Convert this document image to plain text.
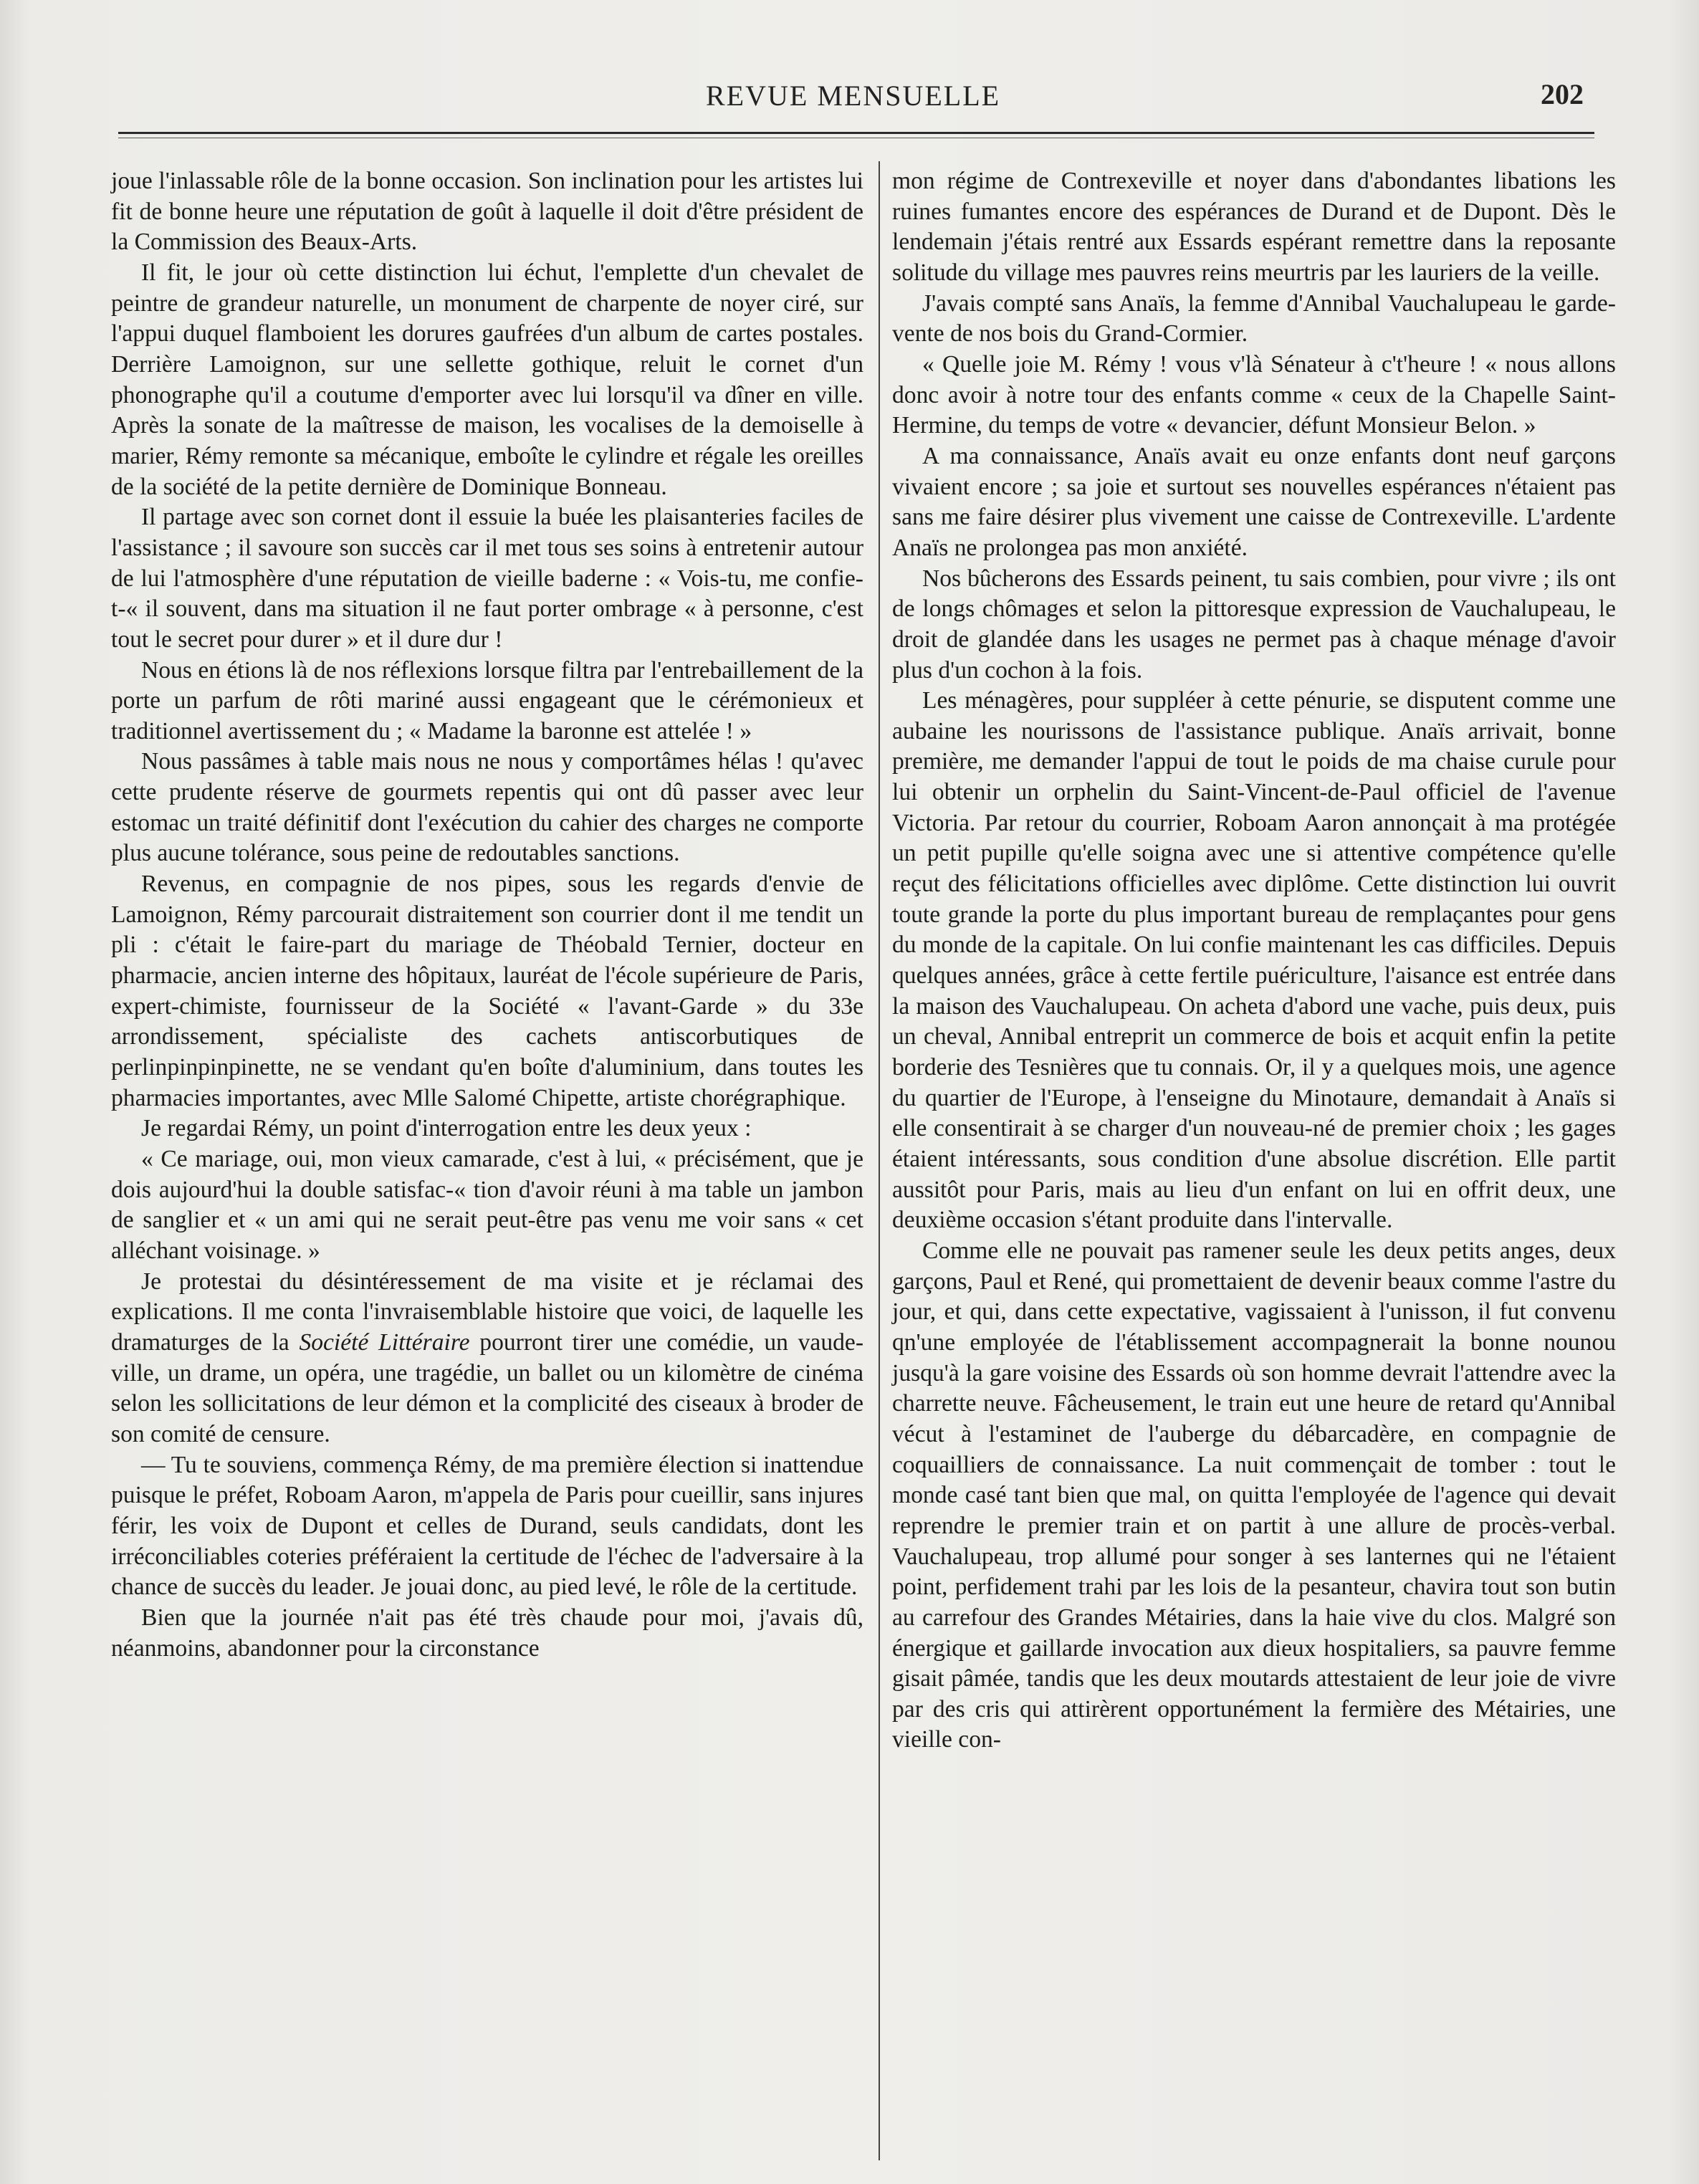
REVUE MENSUELLE	202

joue l'inlassable rôle de la bonne occasion. Son inclination pour les artistes lui fit de bonne heure une réputation de goût à laquelle il doit d'être président de la Commission des Beaux-Arts.

Il fit, le jour où cette distinction lui échut, l'emplette d'un chevalet de peintre de grandeur naturelle, un monument de charpente de noyer ciré, sur l'appui duquel flamboient les dorures gaufrées d'un album de cartes postales. Derrière Lamoignon, sur une sellette gothique, reluit le cornet d'un phonographe qu'il a coutume d'emporter avec lui lorsqu'il va dîner en ville. Après la sonate de la maîtresse de maison, les vocalises de la demoiselle à marier, Rémy remonte sa mécanique, emboîte le cylindre et régale les oreilles de la société de la petite dernière de Dominique Bonneau.

Il partage avec son cornet dont il essuie la buée les plaisanteries faciles de l'assistance ; il savoure son succès car il met tous ses soins à entretenir autour de lui l'atmosphère d'une réputation de vieille baderne : « Vois-tu, me confie-t-« il souvent, dans ma situation il ne faut porter ombrage « à personne, c'est tout le secret pour durer » et il dure dur !

Nous en étions là de nos réflexions lorsque filtra par l'entrebaillement de la porte un parfum de rôti mariné aussi engageant que le cérémonieux et traditionnel avertissement du ; « Madame la baronne est attelée ! »

Nous passâmes à table mais nous ne nous y comportâmes hélas ! qu'avec cette prudente réserve de gourmets repentis qui ont dû passer avec leur estomac un traité définitif dont l'exécution du cahier des charges ne comporte plus aucune tolérance, sous peine de redoutables sanctions.

Revenus, en compagnie de nos pipes, sous les regards d'envie de Lamoignon, Rémy parcourait distraitement son courrier dont il me tendit un pli : c'était le faire-part du mariage de Théobald Ternier, docteur en pharmacie, ancien interne des hôpitaux, lauréat de l'école supérieure de Paris, expert-chimiste, fournisseur de la Société « l'avant-Garde » du 33e arrondissement, spécialiste des cachets antiscorbutiques de perlinpinpinpinette, ne se vendant qu'en boîte d'aluminium, dans toutes les pharmacies importantes, avec Mlle Salomé Chipette, artiste chorégraphique.

Je regardai Rémy, un point d'interrogation entre les deux yeux :

« Ce mariage, oui, mon vieux camarade, c'est à lui, « précisément, que je dois aujourd'hui la double satisfac-« tion d'avoir réuni à ma table un jambon de sanglier et « un ami qui ne serait peut-être pas venu me voir sans « cet alléchant voisinage. »

Je protestai du désintéressement de ma visite et je réclamai des explications. Il me conta l'invraisemblable histoire que voici, de laquelle les dramaturges de la Société Littéraire pourront tirer une comédie, un vaudeville, un drame, un opéra, une tragédie, un ballet ou un kilomètre de cinéma selon les sollicitations de leur démon et la complicité des ciseaux à broder de son comité de censure.

— Tu te souviens, commença Rémy, de ma première élection si inattendue puisque le préfet, Roboam Aaron, m'appela de Paris pour cueillir, sans injures férir, les voix de Dupont et celles de Durand, seuls candidats, dont les irréconciliables coteries préféraient la certitude de l'échec de l'adversaire à la chance de succès du leader. Je jouai donc, au pied levé, le rôle de la certitude.

Bien que la journée n'ait pas été très chaude pour moi, j'avais dû, néanmoins, abandonner pour la circonstance

mon régime de Contrexeville et noyer dans d'abondantes libations les ruines fumantes encore des espérances de Durand et de Dupont. Dès le lendemain j'étais rentré aux Essards espérant remettre dans la reposante solitude du village mes pauvres reins meurtris par les lauriers de la veille.

J'avais compté sans Anaïs, la femme d'Annibal Vauchalupeau le garde-vente de nos bois du Grand-Cormier.

« Quelle joie M. Rémy ! vous v'là Sénateur à c't'heure ! « nous allons donc avoir à notre tour des enfants comme « ceux de la Chapelle Saint-Hermine, du temps de votre « devancier, défunt Monsieur Belon. »

A ma connaissance, Anaïs avait eu onze enfants dont neuf garçons vivaient encore ; sa joie et surtout ses nouvelles espérances n'étaient pas sans me faire désirer plus vivement une caisse de Contrexeville. L'ardente Anaïs ne prolongea pas mon anxiété.

Nos bûcherons des Essards peinent, tu sais combien, pour vivre ; ils ont de longs chômages et selon la pittoresque expression de Vauchalupeau, le droit de glandée dans les usages ne permet pas à chaque ménage d'avoir plus d'un cochon à la fois.

Les ménagères, pour suppléer à cette pénurie, se disputent comme une aubaine les nourissons de l'assistance publique. Anaïs arrivait, bonne première, me demander l'appui de tout le poids de ma chaise curule pour lui obtenir un orphelin du Saint-Vincent-de-Paul officiel de l'avenue Victoria. Par retour du courrier, Roboam Aaron annonçait à ma protégée un petit pupille qu'elle soigna avec une si attentive compétence qu'elle reçut des félicitations officielles avec diplôme. Cette distinction lui ouvrit toute grande la porte du plus important bureau de remplaçantes pour gens du monde de la capitale. On lui confie maintenant les cas difficiles. Depuis quelques années, grâce à cette fertile puériculture, l'aisance est entrée dans la maison des Vauchalupeau. On acheta d'abord une vache, puis deux, puis un cheval, Annibal entreprit un commerce de bois et acquit enfin la petite borderie des Tesnières que tu connais. Or, il y a quelques mois, une agence du quartier de l'Europe, à l'enseigne du Minotaure, demandait à Anaïs si elle consentirait à se charger d'un nouveau-né de premier choix ; les gages étaient intéressants, sous condition d'une absolue discrétion. Elle partit aussitôt pour Paris, mais au lieu d'un enfant on lui en offrit deux, une deuxième occasion s'étant produite dans l'intervalle.

Comme elle ne pouvait pas ramener seule les deux petits anges, deux garçons, Paul et René, qui promettaient de devenir beaux comme l'astre du jour, et qui, dans cette expectative, vagissaient à l'unisson, il fut convenu qn'une employée de l'établissement accompagnerait la bonne nounou jusqu'à la gare voisine des Essards où son homme devrait l'attendre avec la charrette neuve. Fâcheusement, le train eut une heure de retard qu'Annibal vécut à l'estaminet de l'auberge du débarcadère, en compagnie de coquailliers de connaissance. La nuit commençait de tomber : tout le monde casé tant bien que mal, on quitta l'employée de l'agence qui devait reprendre le premier train et on partit à une allure de procès-verbal. Vauchalupeau, trop allumé pour songer à ses lanternes qui ne l'étaient point, perfidement trahi par les lois de la pesanteur, chavira tout son butin au carrefour des Grandes Métairies, dans la haie vive du clos. Malgré son énergique et gaillarde invocation aux dieux hospitaliers, sa pauvre femme gisait pâmée, tandis que les deux moutards attestaient de leur joie de vivre par des cris qui attirèrent opportunément la fermière des Métairies, une vieille con-
